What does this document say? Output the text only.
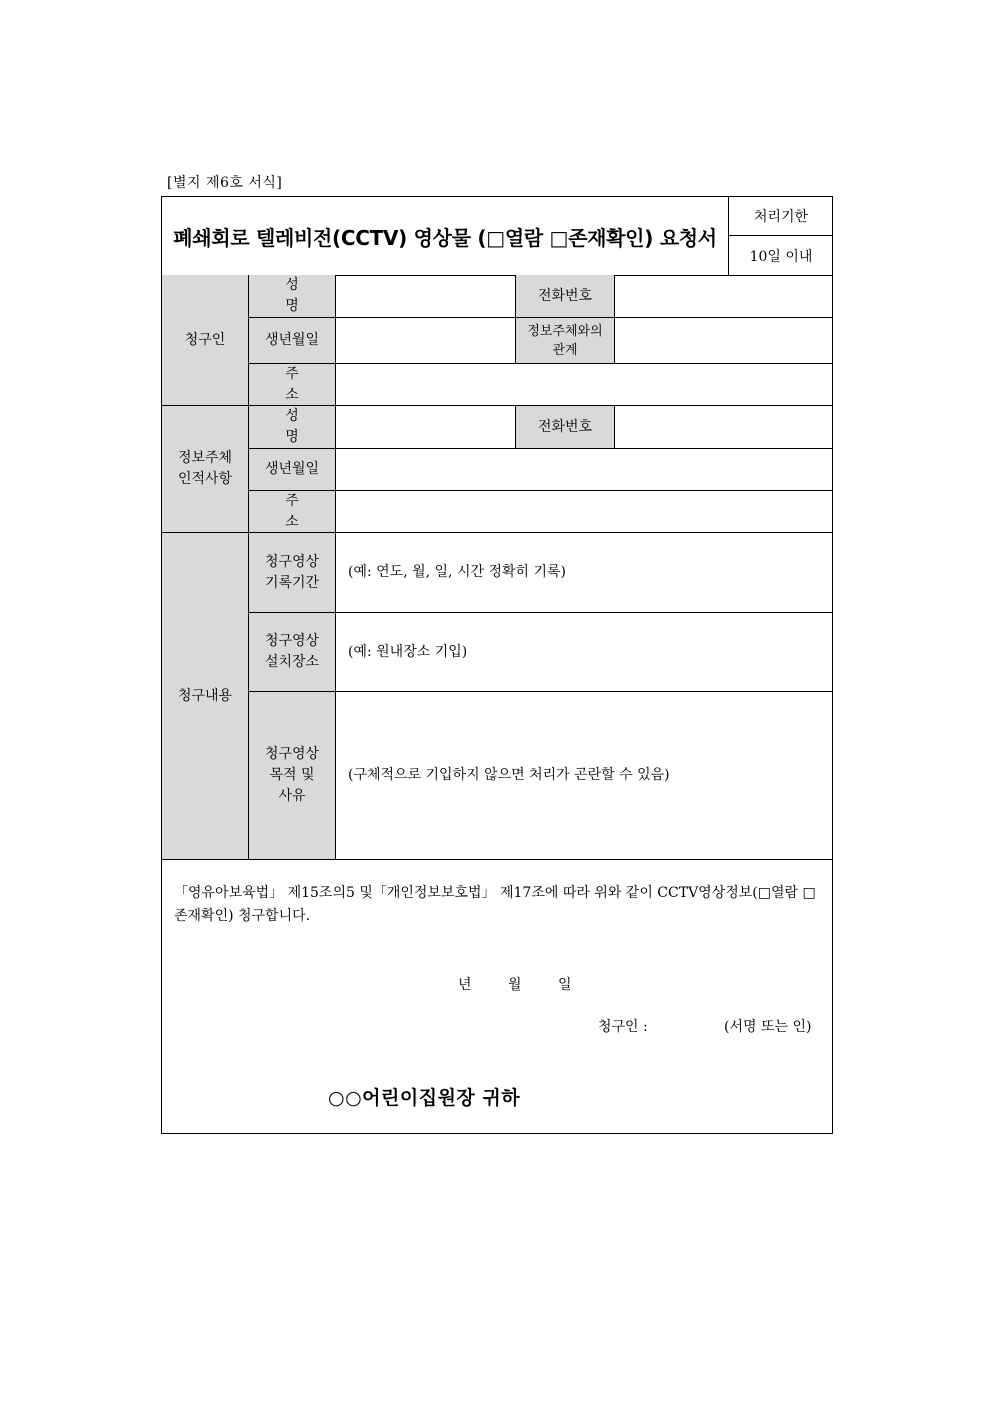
[별지 제6호 서식]
폐쇄회로 텔레비전(CCTV) 영상물 (□열람 □존재확인) 요청서
처리기한
10일 이내
청구인
성 명
전화번호
생년월일
정보주체와의 관계
주 소
정보주체 인적사항
성 명
전화번호
생년월일
주 소
청구내용
청구영상 기록기간
(예: 연도, 월, 일, 시간 정확히 기록)
청구영상 설치장소
(예: 원내장소 기입)
청구영상 목적 및 사유
(구체적으로 기입하지 않으면 처리가 곤란할 수 있음)
「영유아보육법」 제15조의5 및「개인정보보호법」 제17조에 따라 위와 같이 CCTV영상정보(□열람 □존재확인) 청구합니다.
년 월 일
청구인 :	(서명 또는 인)
○○어린이집원장 귀하
